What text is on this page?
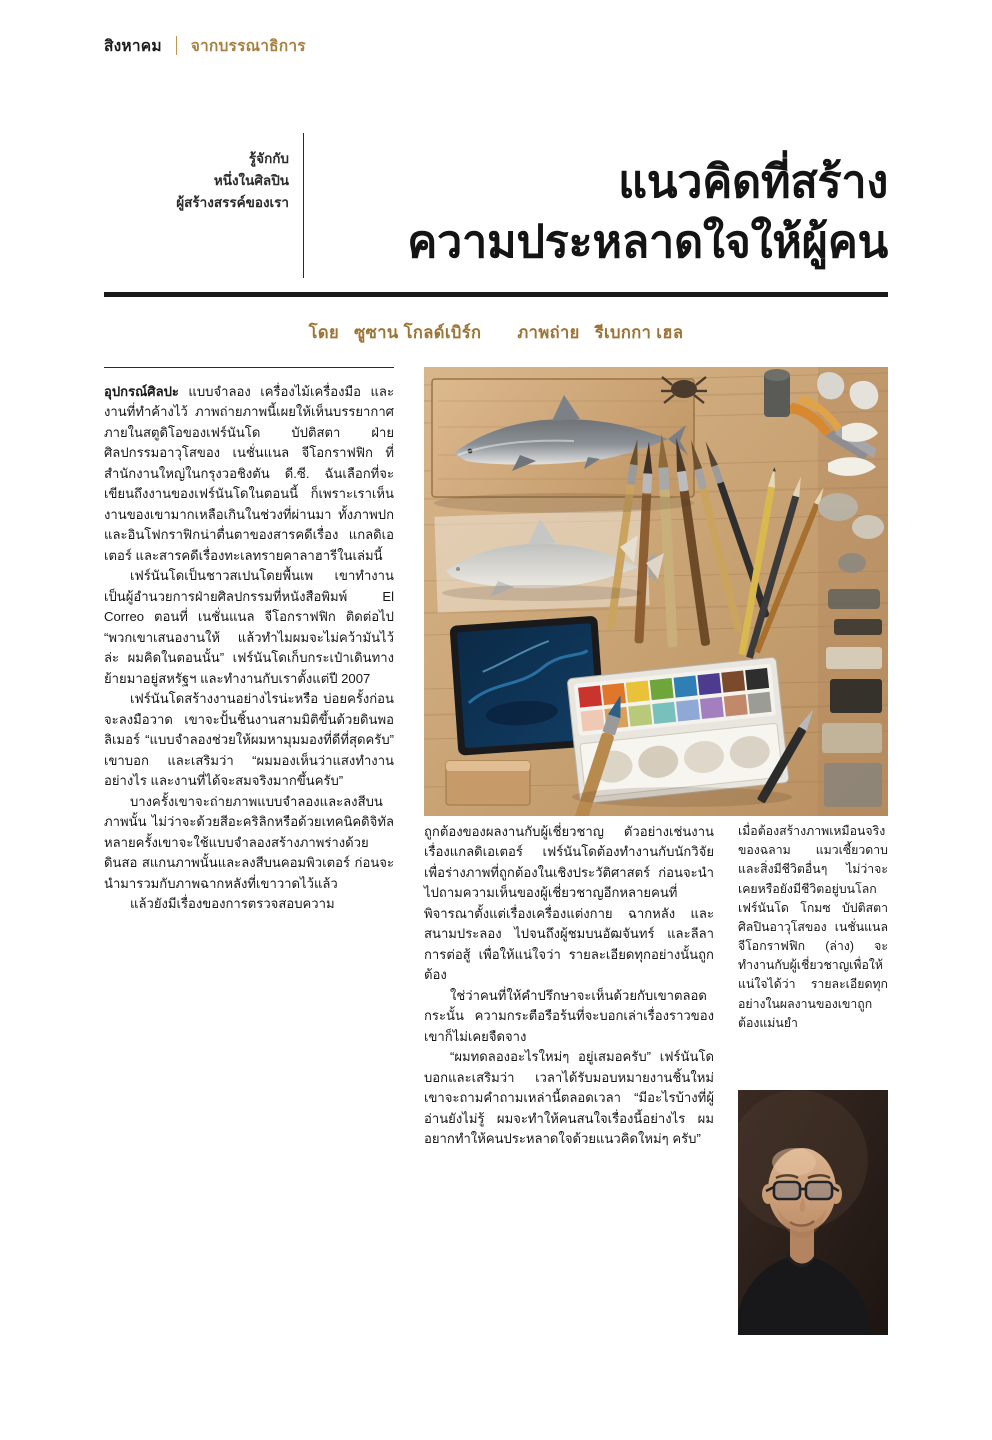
สิงหาคม จากบรรณาธิการ
รู้จักกับ
หนึ่งในศิลปิน
ผู้สร้างสรรค์ของเรา	แนวคิดที่สร้าง
ความประหลาดใจให้ผู้คน
โดย ซูซาน โกลด์เบิร์ก ภาพถ่าย รีเบกกา เฮล

อุปกรณ์ศิลปะ แบบจำลอง เครื่องไม้เครื่องมือ และงานที่ทำค้างไว้ ภาพถ่ายภาพนี้เผยให้เห็นบรรยากาศภายในสตูดิโอของเฟร์นันโด บัปติสตา ฝ่ายศิลปกรรมอาวุโสของ เนชั่นแนล จีโอกราฟฟิก ที่สำนักงานใหญ่ในกรุงวอชิงตัน ดี.ซี. ฉันเลือกที่จะเขียนถึงงานของเฟร์นันโดในตอนนี้ ก็เพราะเราเห็นงานของเขามากเหลือเกินในช่วงที่ผ่านมา ทั้งภาพปกและอินโฟกราฟิกน่าตื่นตาของสารคดีเรื่อง แกลดิเอเตอร์ และสารคดีเรื่องทะเลทรายคาลาฮารีในเล่มนี้

เฟร์นันโดเป็นชาวสเปนโดยพื้นเพ เขาทำงานเป็นผู้อำนวยการฝ่ายศิลปกรรมที่หนังสือพิมพ์ El Correo ตอนที่ เนชั่นแนล จีโอกราฟฟิก ติดต่อไป “พวกเขาเสนองานให้ แล้วทำไมผมจะไม่คว้ามันไว้ล่ะ ผมคิดในตอนนั้น” เฟร์นันโดเก็บกระเป๋าเดินทางย้ายมาอยู่สหรัฐฯ และทำงานกับเราตั้งแต่ปี 2007

เฟร์นันโดสร้างงานอย่างไรน่ะหรือ บ่อยครั้งก่อนจะลงมือวาด เขาจะปั้นชิ้นงานสามมิติขึ้นด้วยดินพอลิเมอร์ “แบบจำลองช่วยให้ผมหามุมมองที่ดีที่สุดครับ” เขาบอก และเสริมว่า “ผมมองเห็นว่าแสงทำงานอย่างไร และงานที่ได้จะสมจริงมากขึ้นครับ”

บางครั้งเขาจะถ่ายภาพแบบจำลองและลงสีบนภาพนั้น ไม่ว่าจะด้วยสีอะคริลิกหรือด้วยเทคนิคดิจิทัล หลายครั้งเขาจะใช้แบบจำลองสร้างภาพร่างด้วยดินสอ สแกนภาพนั้นและลงสีบนคอมพิวเตอร์ ก่อนจะนำมารวมกับภาพฉากหลังที่เขาวาดไว้แล้ว

แล้วยังมีเรื่องของการตรวจสอบความ

ถูกต้องของผลงานกับผู้เชี่ยวชาญ ตัวอย่างเช่นงานเรื่องแกลดิเอเตอร์ เฟร์นันโดต้องทำงานกับนักวิจัยเพื่อร่างภาพที่ถูกต้องในเชิงประวัติศาสตร์ ก่อนจะนำไปถามความเห็นของผู้เชี่ยวชาญอีกหลายคนที่พิจารณาตั้งแต่เรื่องเครื่องแต่งกาย ฉากหลัง และสนามประลอง ไปจนถึงผู้ชมบนอัฒจันทร์ และลีลาการต่อสู้ เพื่อให้แน่ใจว่า รายละเอียดทุกอย่างนั้นถูกต้อง

ใช่ว่าคนที่ให้คำปรึกษาจะเห็นด้วยกับเขาตลอด กระนั้น ความกระตือรือร้นที่จะบอกเล่าเรื่องราวของเขาก็ไม่เคยจืดจาง

“ผมทดลองอะไรใหม่ๆ อยู่เสมอครับ” เฟร์นันโดบอกและเสริมว่า เวลาได้รับมอบหมายงานชิ้นใหม่ เขาจะถามคำถามเหล่านี้ตลอดเวลา “มีอะไรบ้างที่ผู้อ่านยังไม่รู้ ผมจะทำให้คนสนใจเรื่องนี้อย่างไร ผมอยากทำให้คนประหลาดใจด้วยแนวคิดใหม่ๆ ครับ”

เมื่อต้องสร้างภาพเหมือนจริงของฉลาม แมวเซี้ยวดาบ และสิ่งมีชีวิตอื่นๆ ไม่ว่าจะเคยหรือยังมีชีวิตอยู่บนโลก เฟร์นันโด โกมซ บัปติสตา ศิลปินอาวุโสของ เนชั่นแนล จีโอกราฟฟิก (ล่าง) จะทำงานกับผู้เชี่ยวชาญเพื่อให้แน่ใจได้ว่า รายละเอียดทุกอย่างในผลงานของเขาถูกต้องแม่นยำ
